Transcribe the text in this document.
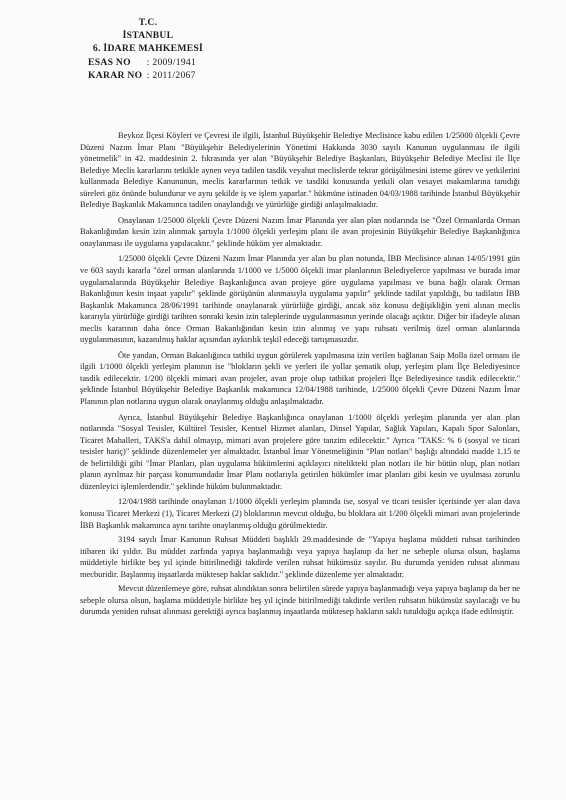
T.C.
İSTANBUL
6. İDARE MAHKEMESİ
ESAS NO : 2009/1941
KARAR NO : 2011/2067

Beykoz İlçesi Köyleri ve Çevresi ile ilgili, İstanbul Büyükşehir Belediye Meclisince kabu edilen 1/25000 ölçekli Çevre Düzeni Nazım İmar Planı "Büyükşehir Belediyelerinin Yönetimi Hakkında 3030 sayılı Kanunun uygulanması ile ilgili yönetmelik" in 42. maddesinin 2. fıkrasında yer alan "Büyükşehir Belediye Başkanları, Büyükşehir Belediye Meclisi ile İlçe Belediye Meclis kararlarını tetkikle aynen veya tadilen tasdik veyahut meclislerde tekrar görüşülmesini isteme görev ve yetkilerini kullanmada Belediye Kanununun, meclis kararlarının tetkik ve tasdiki konusunda yetkili olan vesayet makamlarına tanıdığı süreleri göz önünde bulundurur ve aynı şekilde iş ve işlem yaparlar." hükmüne istinaden 04/03/1988 tarihinde İstanbul Büyükşehir Belediye Başkanlık Makamınca tadilen onaylandığı ve yürürlüğe girdiği anlaşılmaktadır.

Onaylanan 1/25000 ölçekli Çevre Düzeni Nazım İmar Planında yer alan plan notlarında ise "Özel Ormanlarda Orman Bakanlığından kesin izin alınmak şartıyla 1/1000 ölçekli yerleşim planı ile avan projesinin Büyükşehir Belediye Başkanlığınca onaylanması ile uygulama yapılacaktır." şeklinde hüküm yer almaktadır.

1/25000 ölçekli Çevre Düzeni Nazım İmar Planında yer alan bu plan notunda, İBB Meclisince alınan 14/05/1991 gün ve 603 sayılı kararla "özel orman alanlarında 1/1000 ve 1/5000 ölçekli imar planlarının Belediyelerce yapılması ve burada imar uygulamalarında Büyükşehir Belediye Başkanlığınca avan projeye göre uygulama yapılması ve buna bağlı olarak Orman Bakanlığının kesin inşaat yapılır" şeklinde görüşünün alınmasıyla uygulama yapılır" şeklinde tadilat yapıldığı, bu tadilatın İBB Başkanlık Makamınca 28/06/1991 tarihinde onaylanarak yürürlüğe girdiği, ancak söz konusu değişikliğin yeni alınan meclis kararıyla yürürlüğe girdiği tarihten sonraki kesin izin taleplerinde uygulanmasının yerinde olacağı açıktır. Diğer bir ifadeyle alınan meclis kararının daha önce Orman Bakanlığından kesin izin alınmış ve yapı ruhsatı verilmiş özel orman alanlarında uygulanmasının, kazanılmış haklar açısından aykırılık teşkil edeceği tartışmasızdır.

Öte yandan, Orman Bakanlığınca tatbiki uygun görülerek yapılmasına izin verilen bağlanan Saip Molla özel ormanı ile ilgili 1/1000 ölçekli yerleşim planının ise "blokların şekli ve yerleri ile yollar şematik olup, yerleşim planı İlçe Belediyesince tasdik edilecektir. 1/200 ölçekli mimari avan projeler, avan proje olup tatbikat projeleri İlçe Belediyesince tasdik edilecektir." şeklinde İstanbul Büyükşehir Belediye Başkanlık makamınca 12/04/1988 tarihinde, 1/25000 ölçekli Çevre Düzeni Nazım İmar Planının plan notlarına uygun olarak onaylanmış olduğu anlaşılmaktadır.

Ayrıca, İstanbul Büyükşehir Belediye Başkanlığınca onaylanan 1/1000 ölçekli yerleşim planında yer alan plan notlarında "Sosyal Tesisler, Kültürel Tesisler, Kentsel Hizmet alanları, Dinsel Yapılar, Sağlık Yapıları, Kapalı Spor Salonları, Ticaret Mahalleri, TAKS'a dahil olmayıp, mimari avan projelere göre tanzim edilecektir." Ayrıca "TAKS: % 6 (sosyal ve ticari tesisler hariç)" şeklinde düzenlemeler yer almaktadır. İstanbul İmar Yönetmeliğinin "Plan notları" başlığı altındaki madde 1.15 te de belirtildiği gibi "İmar Planları, plan uygulama hükümlerini açıklayıcı nitelikteki plan notları ile bir bütün olup, plan notları planın ayrılmaz bir parçası konumundadır İmar Planı notlarıyla getirilen hükümler imar planları gibi kesin ve uyulması zorunlu düzenleyici işlemlerdendir." şeklinde hüküm bulunmaktadır.

12/04/1988 tarihinde onaylanan 1/1000 ölçekli yerleşim planında ise, sosyal ve ticari tesisler içerisinde yer alan dava konusu Ticaret Merkezi (1), Ticaret Merkezi (2) bloklarının mevcut olduğu, bu bloklara ait 1/200 ölçekli mimari avan projelerinde İBB Başkanlık makamınca aynı tarihte onaylanmış olduğu görülmektedir.

3194 sayılı İmar Kanunun Ruhsat Müddeti başlıklı 29.maddesinde de "Yapıya başlama müddeti ruhsat tarihinden itibaren iki yıldır. Bu müddet zarfında yapıya başlanmadığı veya yapıya başlanıp da her ne sebeple olursa olsun, başlama müddetiyle birlikte beş yıl içinde bitirilmediği takdirde verilen ruhsat hükümsüz sayılır. Bu durumda yeniden ruhsat alınması mecburidir. Başlanmış inşaatlarda müktesep haklar saklıdır." şeklinde düzenleme yer almaktadır.

Mevcut düzenlemeye göre, ruhsat alındıktan sonra belirtilen sürede yapıya başlanmadığı veya yapıya başlanıp da her ne sebeple olursa olsun, başlama müddetiyle birlikte beş yıl içinde bitirilmediği takdirde verilen ruhsatın hükümsüz sayılacağı ve bu durumda yeniden ruhsat alınması gerektiği ayrıca başlanmış inşaatlarda müktesep hakların saklı tutulduğu açıkça ifade edilmiştir.
